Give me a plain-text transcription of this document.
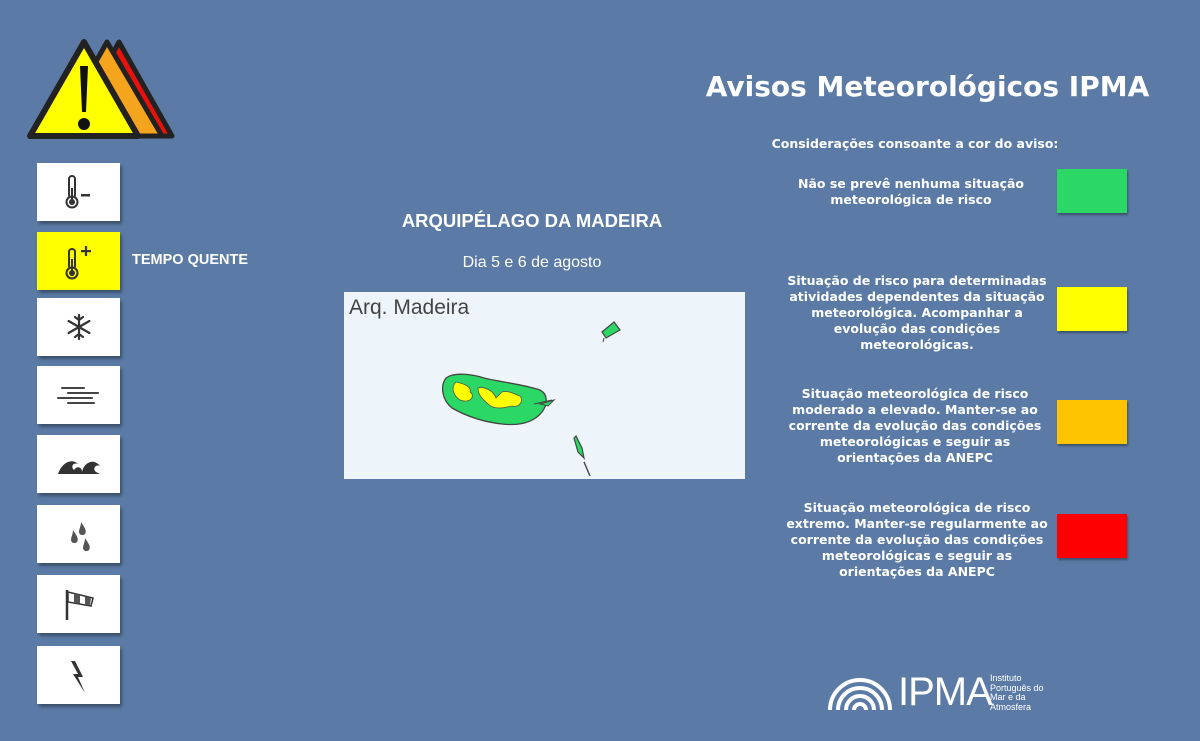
Avisos Meteorológicos IPMA
Considerações consoante a cor do aviso:
TEMPO QUENTE
ARQUIPÉLAGO DA MADEIRA
Dia 5 e 6 de agosto
Arq. Madeira
Não se prevê nenhuma situação meteorológica de risco
Situação de risco para determinadas atividades dependentes da situação meteorológica. Acompanhar a evolução das condições meteorológicas.
Situação meteorológica de risco moderado a elevado. Manter-se ao corrente da evolução das condições meteorológicas e seguir as orientações da ANEPC
Situação meteorológica de risco extremo. Manter-se regularmente ao corrente da evolução das condições meteorológicas e seguir as orientações da ANEPC
IPMA
Instituto Português do Mar e da Atmosfera
